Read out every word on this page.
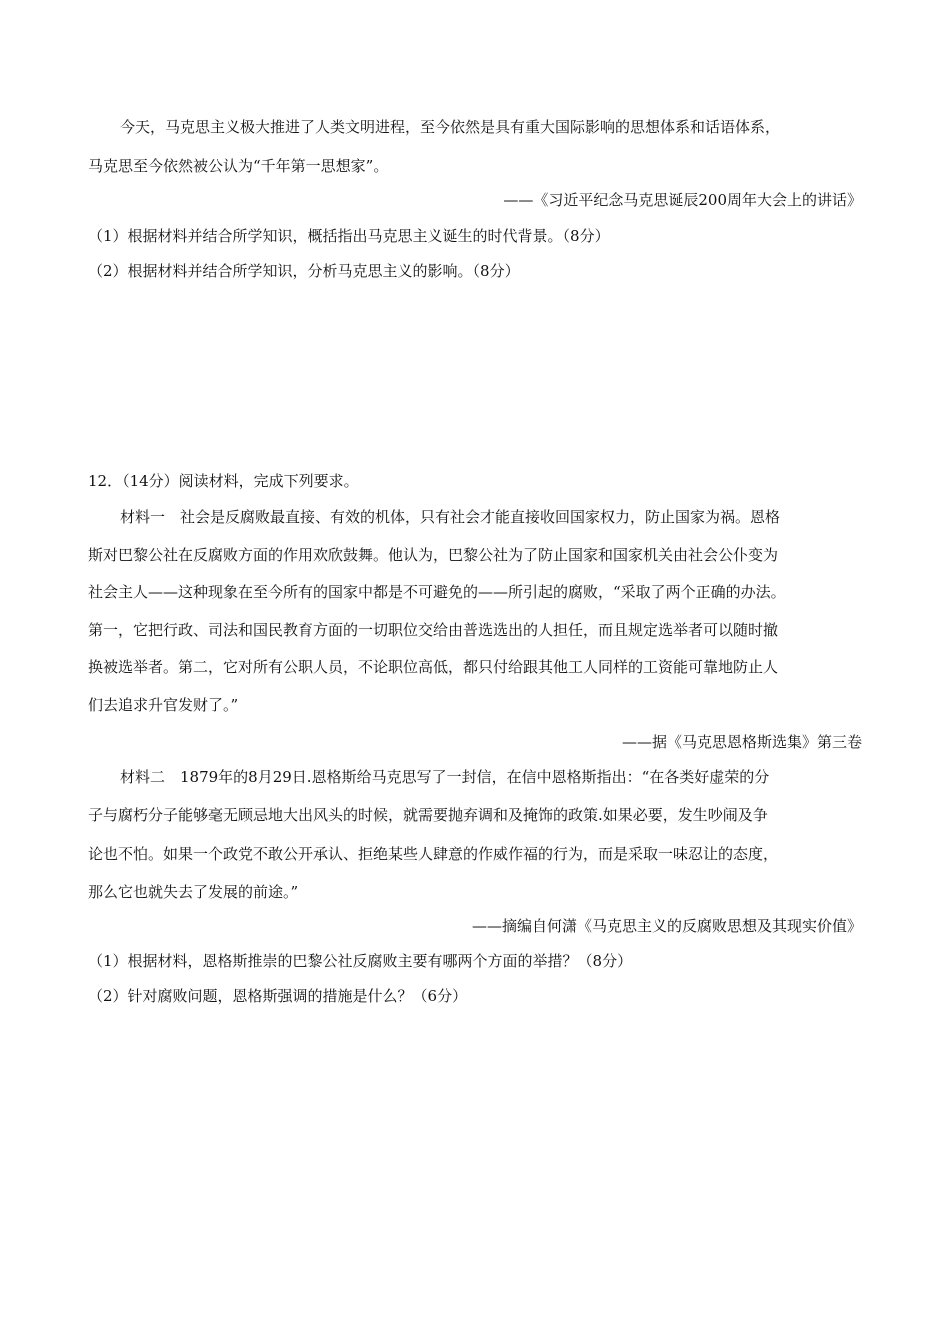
今天，马克思主义极大推进了人类文明进程，至今依然是具有重大国际影响的思想体系和话语体系，
马克思至今依然被公认为“千年第一思想家”。
——《习近平纪念马克思诞辰200周年大会上的讲话》
（1）根据材料并结合所学知识，概括指出马克思主义诞生的时代背景。（8分）
（2）根据材料并结合所学知识，分析马克思主义的影响。（8分）
12．（14分）阅读材料，完成下列要求。
材料一　社会是反腐败最直接、有效的机体，只有社会才能直接收回国家权力，防止国家为祸。恩格
斯对巴黎公社在反腐败方面的作用欢欣鼓舞。他认为，巴黎公社为了防止国家和国家机关由社会公仆变为
社会主人——这种现象在至今所有的国家中都是不可避免的——所引起的腐败，“采取了两个正确的办法。
第一，它把行政、司法和国民教育方面的一切职位交给由普选选出的人担任，而且规定选举者可以随时撤
换被选举者。第二，它对所有公职人员，不论职位高低，都只付给跟其他工人同样的工资能可靠地防止人
们去追求升官发财了。”
——据《马克思恩格斯选集》第三卷
材料二　1879年的8月29日.恩格斯给马克思写了一封信，在信中恩格斯指出：“在各类好虚荣的分
子与腐朽分子能够毫无顾忌地大出风头的时候，就需要抛弃调和及掩饰的政策.如果必要，发生吵闹及争
论也不怕。如果一个政党不敢公开承认、拒绝某些人肆意的作威作福的行为，而是采取一味忍让的态度，
那么它也就失去了发展的前途。”
——摘编自何潇《马克思主义的反腐败思想及其现实价值》
（1）根据材料，恩格斯推崇的巴黎公社反腐败主要有哪两个方面的举措？（8分）
（2）针对腐败问题，恩格斯强调的措施是什么？（6分）
